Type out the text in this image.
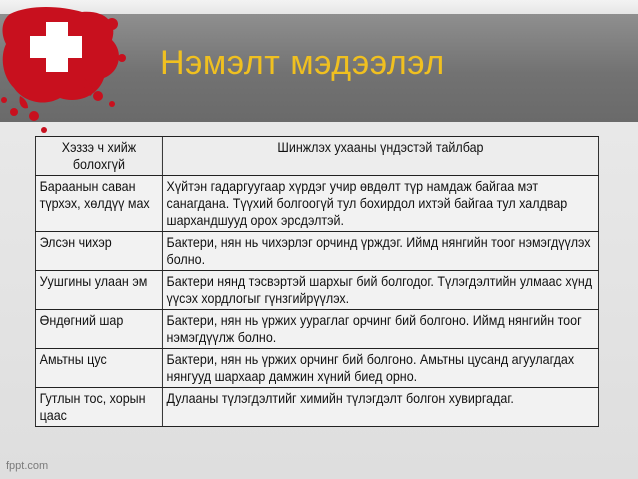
Нэмэлт мэдээлэл
Хэззэ ч хийж болохгүй	Шинжлэх ухааны үндэстэй тайлбар
Бараанын саван түрхэх, хөлдүү мах	Хүйтэн гадаргуугаар хүрдэг учир өвдөлт түр намдаж байгаа мэт санагдана. Түүхий болгоогүй тул бохирдол ихтэй байгаа тул халдвар шархандшууд орох эрсдэлтэй.
Элсэн чихэр	Бактери, нян нь чихэрлэг орчинд үрждэг. Иймд нянгийн тоог нэмэгдүүлэх болно.
Уушгины улаан эм	Бактери нянд тэсвэртэй шархыг бий болгодог. Түлэгдэлтийн улмаас хүнд үүсэх хордлогыг гүнзгийрүүлэх.
Өндөгний шар	Бактери, нян нь үржих уураглаг орчинг бий болгоно. Иймд нянгийн тоог нэмэгдүүлж болно.
Амьтны цус	Бактери, нян нь үржих орчинг бий болгоно. Амьтны цусанд агуулагдах нянгууд шархаар дамжин хүний биед орно.
Гутлын тос, хорын цаас	Дулааны түлэгдэлтийг химийн түлэгдэлт болгон хувиргадаг.
fppt.com
